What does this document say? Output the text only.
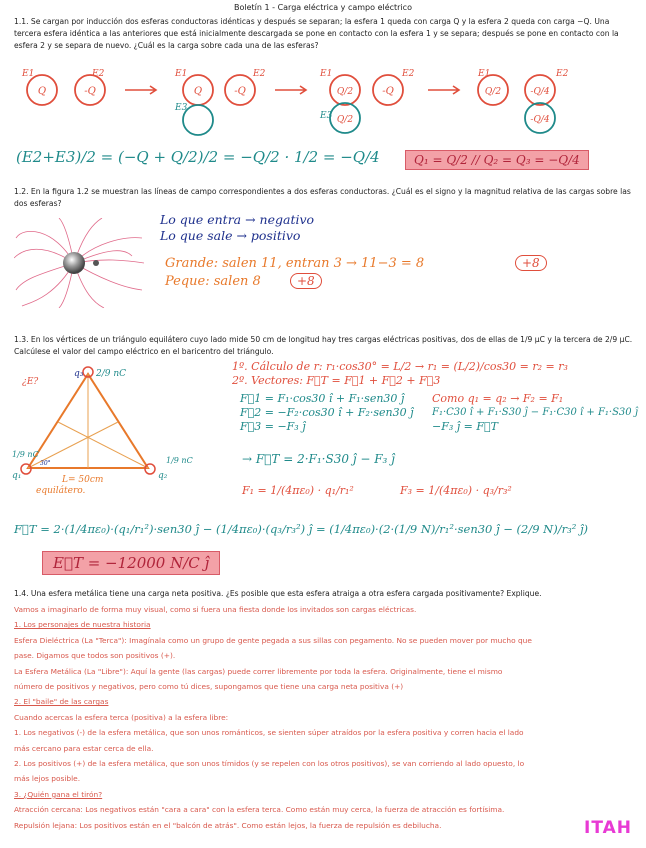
Boletín 1 - Carga eléctrica y campo eléctrico
1.1. Se cargan por inducción dos esferas conductoras idénticas y después se separan; la esfera 1 queda con carga Q y la esfera 2 queda con carga −Q. Una tercera esfera idéntica a las anteriores que está inicialmente descargada se pone en contacto con la esfera 1 y se separa; después se pone en contacto con la esfera 2 y se separa de nuevo. ¿Cuál es la carga sobre cada una de las esferas?
E1	E2	E1	E2
E3
E1	E2
E3
E1	E2
Q	-Q	Q	-Q	Q/2	-Q
Q/2
Q/2	-Q/4
-Q/4
(E2+E3)/2 = (−Q + Q/2)/2 = −Q/2 · 1/2 = −Q/4	Q₁ = Q/2 // Q₂ = Q₃ = −Q/4
1.2. En la figura 1.2 se muestran las líneas de campo correspondientes a dos esferas conductoras. ¿Cuál es el signo y la magnitud relativa de las cargas sobre las dos esferas?
Lo que entra → negativo
Lo que sale → positivo
Grande: salen 11, entran 3 → 11−3 = 8	+8
Peque: salen 8	+8
1.3. En los vértices de un triángulo equilátero cuyo lado mide 50 cm de longitud hay tres cargas eléctricas positivas, dos de ellas de 1/9 µC y la tercera de 2/9 µC. Calcúlese el valor del campo eléctrico en el baricentro del triángulo.
¿E?
q₃ 2/9 nC
q₁	q₂
1/9 nC
1/9 nC
L= 50cm
equilátero.
30°
1º. Cálculo de r: r₁·cos30° = L/2 → r₁ = (L/2)/cos30 = r₂ = r₃
2º. Vectores: F⃗T = F⃗1 + F⃗2 + F⃗3
F⃗1 = F₁·cos30 î + F₁·sen30 ĵ
F⃗2 = −F₂·cos30 î + F₂·sen30 ĵ
F⃗3 = −F₃ ĵ
Como q₁ = q₂ → F₂ = F₁
F₁·C30 î + F₁·S30 ĵ − F₁·C30 î + F₁·S30 ĵ
−F₃ ĵ = F⃗T
→ F⃗T = 2·F₁·S30 ĵ − F₃ ĵ
F₁ = 1/(4πε₀) · q₁/r₁²	F₃ = 1/(4πε₀) · q₃/r₃²
F⃗T = 2·(1/4πε₀)·(q₁/r₁²)·sen30 ĵ − (1/4πε₀)·(q₃/r₃²) ĵ = (1/4πε₀)·(2·(1/9 N)/r₁²·sen30 ĵ − (2/9 N)/r₃² ĵ)
E⃗T = −12000 N/C ĵ
1.4. Una esfera metálica tiene una carga neta positiva. ¿Es posible que esta esfera atraiga a otra esfera cargada positivamente? Explique.
Vamos a imaginarlo de forma muy visual, como si fuera una fiesta donde los invitados son cargas eléctricas.
1. Los personajes de nuestra historia
Esfera Dieléctrica (La "Terca"): Imagínala como un grupo de gente pegada a sus sillas con pegamento. No se pueden mover por mucho que
pase. Digamos que todos son positivos (+).
La Esfera Metálica (La "Libre"): Aquí la gente (las cargas) puede correr libremente por toda la esfera. Originalmente, tiene el mismo
número de positivos y negativos, pero como tú dices, supongamos que tiene una carga neta positiva (+)
2. El "baile" de las cargas
Cuando acercas la esfera terca (positiva) a la esfera libre:
1. Los negativos (-) de la esfera metálica, que son unos románticos, se sienten súper atraídos por la esfera positiva y corren hacia el lado
más cercano para estar cerca de ella.
2. Los positivos (+) de la esfera metálica, que son unos tímidos (y se repelen con los otros positivos), se van corriendo al lado opuesto, lo
más lejos posible.
3. ¿Quién gana el tirón?
Atracción cercana: Los negativos están "cara a cara" con la esfera terca. Como están muy cerca, la fuerza de atracción es fortísima.
Repulsión lejana: Los positivos están en el "balcón de atrás". Como están lejos, la fuerza de repulsión es debilucha.	ITAH
